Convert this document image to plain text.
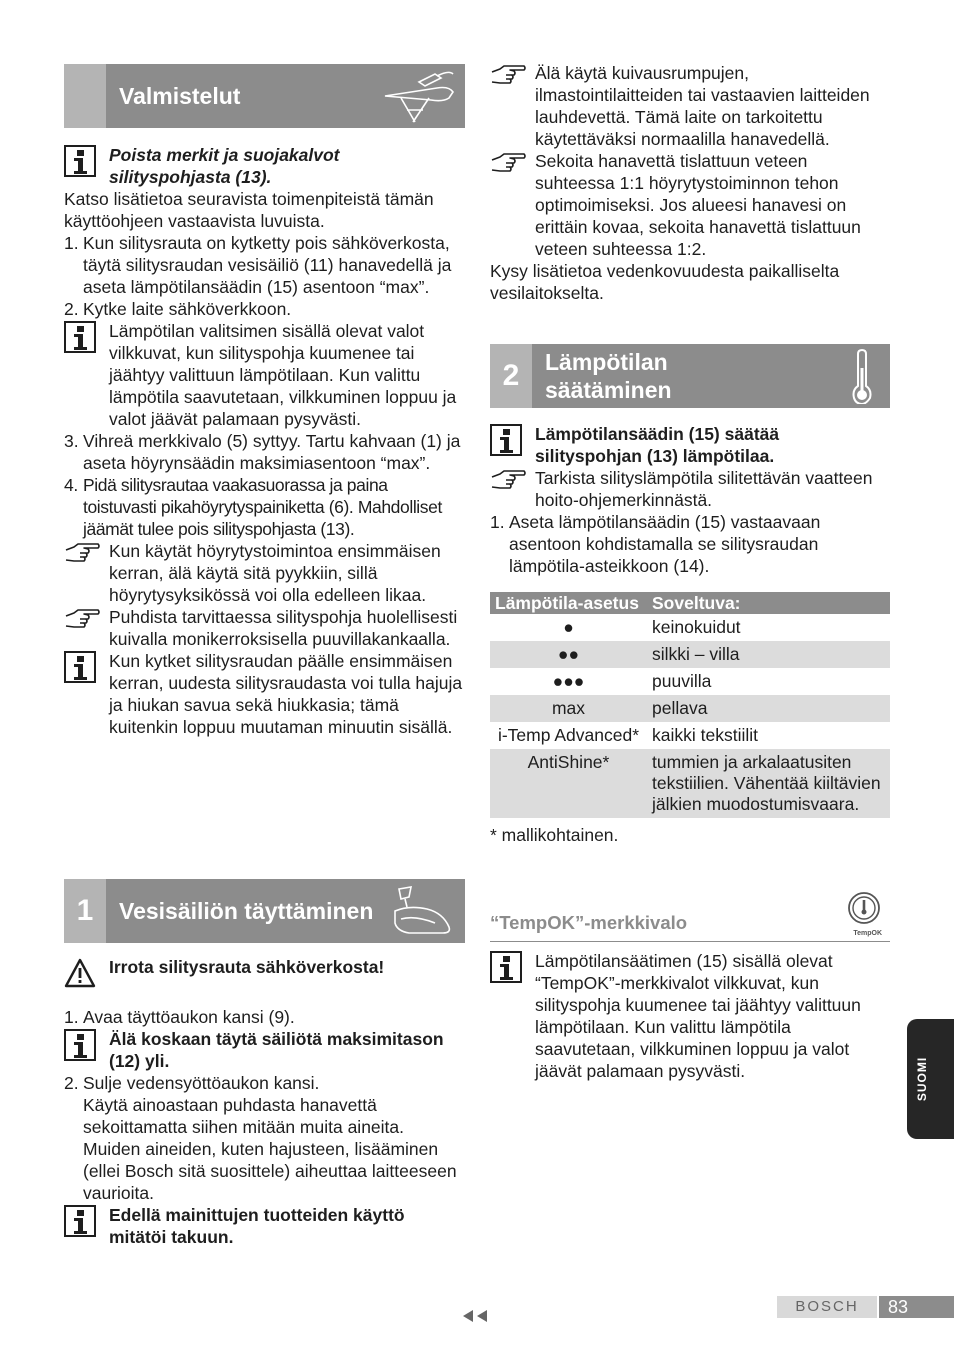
Valmistelut
Poista merkit ja suojakalvot silityspohjasta (13).
Katso lisätietoa seuravista toimenpiteistä tämän käyttöohjeen vastaavista luvuista.
1. Kun silitysrauta on kytketty pois sähköverkosta, täytä silitysraudan vesisäiliö (11) hanavedellä ja aseta lämpötilansäädin (15) asentoon “max”.
2. Kytke laite sähköverkkoon.
Lämpötilan valitsimen sisällä olevat valot vilkkuvat, kun silityspohja kuumenee tai jäähtyy valittuun lämpötilaan. Kun valittu lämpötila saavutetaan, vilkkuminen loppuu ja valot jäävät palamaan pysyvästi.
3. Vihreä merkkivalo (5) syttyy. Tartu kahvaan (1) ja aseta höyrynsäädin maksimiasentoon “max”.
4. Pidä silitysrautaa vaakasuorassa ja paina toistuvasti pikahöyrytyspainiketta (6). Mahdolliset jäämät tulee pois silityspohjasta (13).
Kun käytät höyrytystoimintoa ensimmäisen kerran, älä käytä sitä pyykkiin, sillä höyrytysyksikössä voi olla edelleen likaa.
Puhdista tarvittaessa silityspohja huolellisesti kuivalla monikerroksisella puuvillakankaalla.
Kun kytket silitysraudan päälle ensimmäisen kerran, uudesta silitysraudasta voi tulla hajuja ja hiukan savua sekä hiukkasia; tämä kuitenkin loppuu muutaman minuutin sisällä.
1	Vesisäiliön täyttäminen
Irrota silitysrauta sähköverkosta!
1. Avaa täyttöaukon kansi (9).
Älä koskaan täytä säiliötä maksimitason (12) yli.
2. Sulje vedensyöttöaukon kansi.
Käytä ainoastaan puhdasta hanavettä sekoittamatta siihen mitään muita aineita. Muiden aineiden, kuten hajusteen, lisääminen (ellei Bosch sitä suosittele) aiheuttaa laitteeseen vaurioita.
Edellä mainittujen tuotteiden käyttö mitätöi takuun.
Älä käytä kuivausrumpujen, ilmastointilaitteiden tai vastaavien laitteiden lauhdevettä. Tämä laite on tarkoitettu käytettäväksi normaalilla hanavedellä.
Sekoita hanavettä tislattuun veteen suhteessa 1:1 höyrytystoiminnon tehon optimoimiseksi. Jos alueesi hanavesi on erittäin kovaa, sekoita hanavettä tislattuun veteen suhteessa 1:2.
Kysy lisätietoa vedenkovuudesta paikalliselta vesilaitokselta.
2	Lämpötilan
säätäminen
Lämpötilansäädin (15) säätää silityspohjan (13) lämpötilaa.
Tarkista silityslämpötila silitettävän vaatteen hoito-ohjemerkinnästä.
1. Aseta lämpötilansäädin (15) vastaavaan asentoon kohdistamalla se silitysraudan lämpötila-asteikkoon (14).
Lämpötila-asetus	Soveltuva:
●	keinokuidut
●●	silkki – villa
●●●	puuvilla
max	pellava
i-Temp Advanced*	kaikki tekstiilit
AntiShine*	tummien ja arkalaatusiten tekstiilien. Vähentää kiiltävien jälkien muodostumisvaara.
* mallikohtainen.
“TempOK”-merkkivalo
TempOK
Lämpötilansäätimen (15) sisällä olevat “TempOK”-merkkivalot vilkkuvat, kun silityspohja kuumenee tai jäähtyy valittuun lämpötilaan. Kun valittu lämpötila saavutetaan, vilkkuminen loppuu ja valot jäävät palamaan pysyvästi.	SUOMI
BOSCH	83
